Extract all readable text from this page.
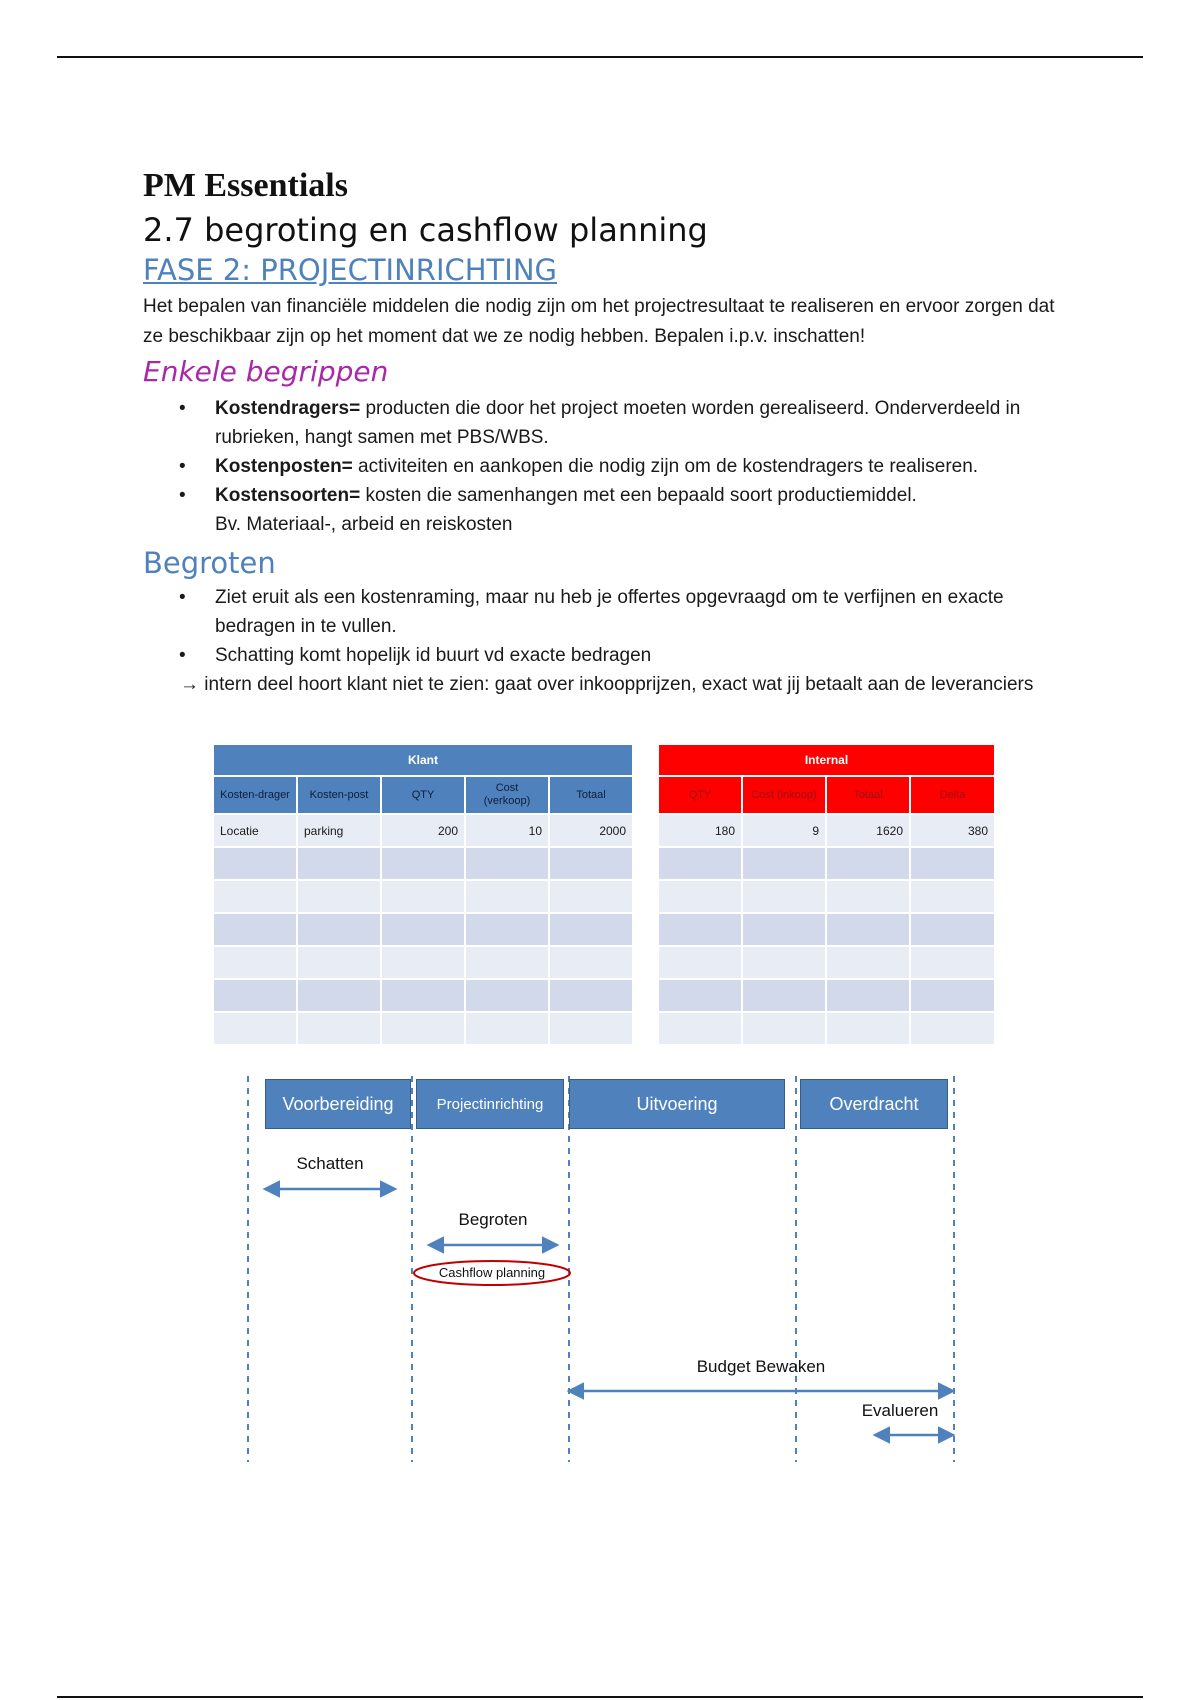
PM Essentials
2.7 begroting en cashflow planning
FASE 2: PROJECTINRICHTING

Het bepalen van financiële middelen die nodig zijn om het projectresultaat te realiseren en ervoor zorgen dat ze beschikbaar zijn op het moment dat we ze nodig hebben. Bepalen i.p.v. inschatten!

Enkele begrippen
• Kostendragers= producten die door het project moeten worden gerealiseerd. Onderverdeeld in rubrieken, hangt samen met PBS/WBS.
• Kostenposten= activiteiten en aankopen die nodig zijn om de kostendragers te realiseren.
• Kostensoorten= kosten die samenhangen met een bepaald soort productiemiddel.
Bv. Materiaal-, arbeid en reiskosten
Begroten
• Ziet eruit als een kostenraming, maar nu heb je offertes opgevraagd om te verfijnen en exacte bedragen in te vullen.
• Schatting komt hopelijk id buurt vd exacte bedragen
→ intern deel hoort klant niet te zien: gaat over inkoopprijzen, exact wat jij betaalt aan de leveranciers
Klant				
Kosten-drager	Kosten-post	QTY	Cost (verkoop)	Totaal
Locatie	parking	200	10	2000

Internal			
QTY	Cost (inkoop)	Totaal	Delta
180	9	1620	380

Voorbereiding	Projectinrichting	Uitvoering	Overdracht
Schatten
Begroten
Cashflow planning
Budget Bewaken
Evalueren
